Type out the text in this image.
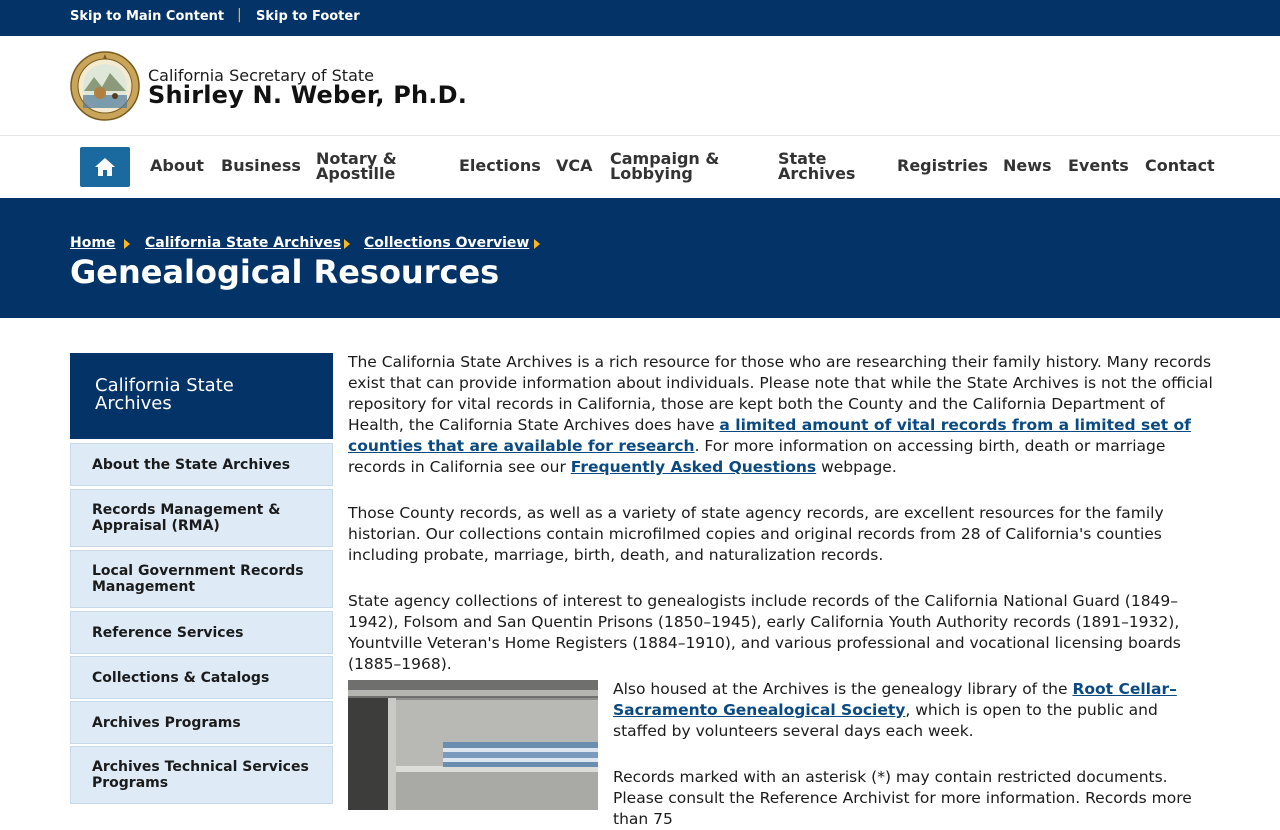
Skip to Main Content | Skip to Footer
California Secretary of State
Shirley N. Weber, Ph.D.
About Business Notary &
Apostille	Elections VCA Campaign &
Lobbying
State
Archives	Registries News Events Contact
Home California State Archives Collections Overview
Genealogical Resources
California State Archives
About the State Archives
Records Management & Appraisal (RMA)
Local Government Records Management
Reference Services
Collections & Catalogs
Archives Programs
Archives Technical Services Programs

The California State Archives is a rich resource for those who are researching their family history. Many records exist that can provide information about individuals. Please note that while the State Archives is not the official repository for vital records in California, those are kept both the County and the California Department of Health, the California State Archives does have a limited amount of vital records from a limited set of counties that are available for research. For more information on accessing birth, death or marriage records in California see our Frequently Asked Questions webpage.

Those County records, as well as a variety of state agency records, are excellent resources for the family historian. Our collections contain microfilmed copies and original records from 28 of California's counties including probate, marriage, birth, death, and naturalization records.

State agency collections of interest to genealogists include records of the California National Guard (1849–1942), Folsom and San Quentin Prisons (1850–1945), early California Youth Authority records (1891–1932), Yountville Veteran's Home Registers (1884–1910), and various professional and vocational licensing boards (1885–1968).

Also housed at the Archives is the genealogy library of the Root Cellar–Sacramento Genealogical Society, which is open to the public and staffed by volunteers several days each week.

Records marked with an asterisk (*) may contain restricted documents. Please consult the Reference Archivist for more information. Records more than 75
